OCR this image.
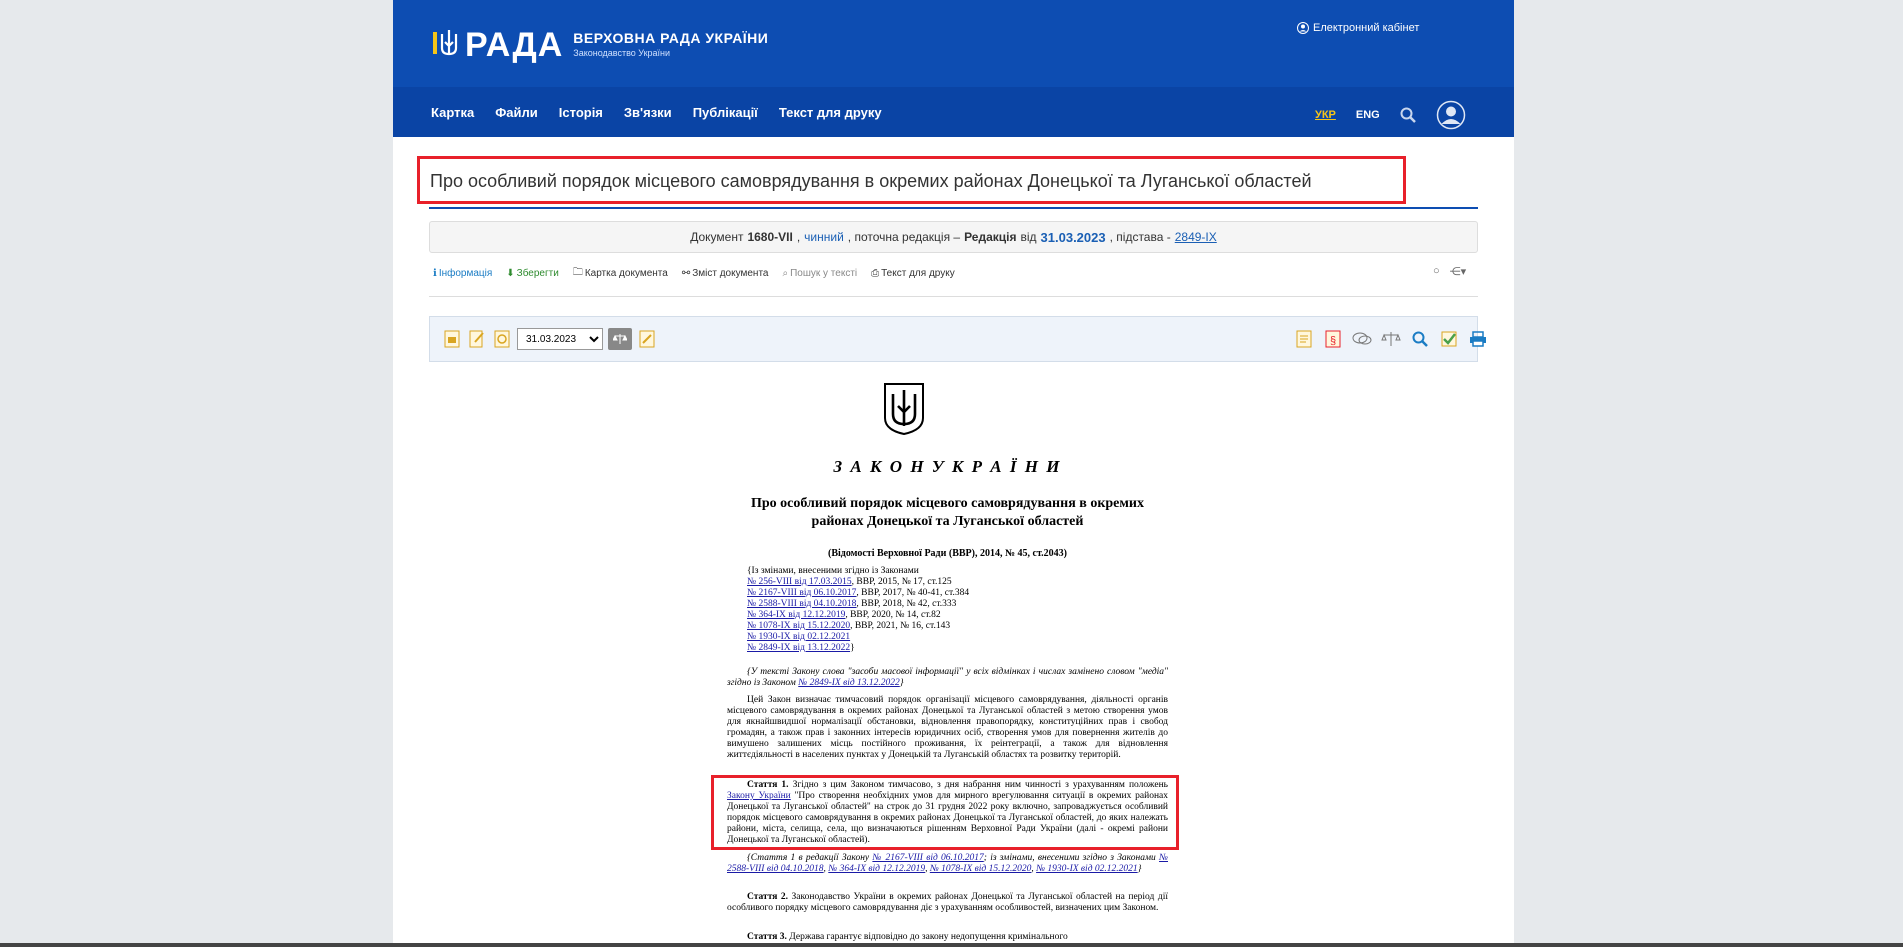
РАДА ВЕРХОВНА РАДА УКРАЇНИ
Законодавство України
Електронний кабінет
Картка Файли Історія Зв'язки Публікації Текст для друку	УКР ENG
Про особливий порядок місцевого самоврядування в окремих районах Донецької та Луганської областей
Документ 1680-VII , чинний , поточна редакція – Редакція від 31.03.2023 , підстава - 2849-IX
ℹ Інформація ⬇ Зберегти 🗀 Картка документа ⚯ Зміст документа ⌕ Пошук у тексті ⎙ Текст для друку	○ ⋲▾
31.03.2023
§
З А К О Н У К Р А Ї Н И
Про особливий порядок місцевого самоврядування в окремих
районах Донецької та Луганської областей
(Відомості Верховної Ради (ВВР), 2014, № 45, ст.2043)
{Із змінами, внесеними згідно із Законами
№ 256-VIII від 17.03.2015, ВВР, 2015, № 17, ст.125
№ 2167-VIII від 06.10.2017, ВВР, 2017, № 40-41, ст.384
№ 2588-VIII від 04.10.2018, ВВР, 2018, № 42, ст.333
№ 364-IX від 12.12.2019, ВВР, 2020, № 14, ст.82
№ 1078-IX від 15.12.2020, ВВР, 2021, № 16, ст.143
№ 1930-IX від 02.12.2021
№ 2849-IX від 13.12.2022}
{У тексті Закону слова "засоби масової інформації" у всіх відмінках і числах замінено словом "медіа" згідно із Законом № 2849-IX від 13.12.2022}
Цей Закон визначає тимчасовий порядок організації місцевого самоврядування, діяльності органів місцевого самоврядування в окремих районах Донецької та Луганської областей з метою створення умов для якнайшвидшої нормалізації обстановки, відновлення правопорядку, конституційних прав і свобод громадян, а також прав і законних інтересів юридичних осіб, створення умов для повернення жителів до вимушено залишених місць постійного проживання, їх реінтеграції, а також для відновлення життєдіяльності в населених пунктах у Донецькій та Луганській областях та розвитку територій.
Стаття 1. Згідно з цим Законом тимчасово, з дня набрання ним чинності з урахуванням положень Закону України "Про створення необхідних умов для мирного врегулювання ситуації в окремих районах Донецької та Луганської областей" на строк до 31 грудня 2022 року включно, запроваджується особливий порядок місцевого самоврядування в окремих районах Донецької та Луганської областей, до яких належать райони, міста, селища, села, що визначаються рішенням Верховної Ради України (далі - окремі райони Донецької та Луганської областей).
{Стаття 1 в редакції Закону № 2167-VIII від 06.10.2017; із змінами, внесеними згідно з Законами № 2588-VIII від 04.10.2018, № 364-IX від 12.12.2019, № 1078-IX від 15.12.2020, № 1930-IX від 02.12.2021}
Стаття 2. Законодавство України в окремих районах Донецької та Луганської областей на період дії особливого порядку місцевого самоврядування діє з урахуванням особливостей, визначених цим Законом.
Стаття 3. Держава гарантує відповідно до закону недопущення кримінального
